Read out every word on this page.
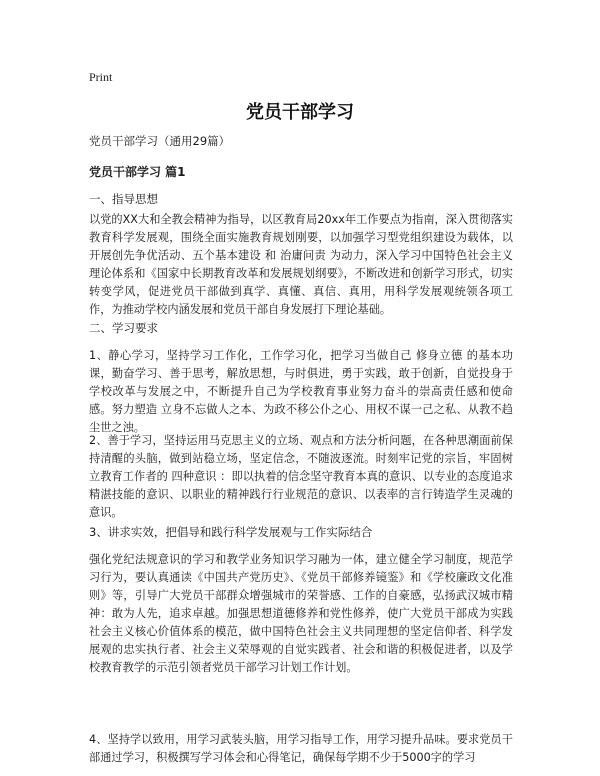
Print
党员干部学习
党员干部学习（通用29篇）
党员干部学习 篇1
一、指导思想
以党的XX大和全教会精神为指导，以区教育局20xx年工作要点为指南，深入贯彻落实教育科学发展观，围绕全面实施教育规划刚要，以加强学习型党组织建设为载体，以开展创先争优活动、五个基本建设 和 治庸问责 为动力，深入学习中国特色社会主义理论体系和《国家中长期教育改革和发展规划纲要》，不断改进和创新学习形式，切实转变学风，促进党员干部做到真学、真懂、真信、真用，用科学发展观统领各项工作，为推动学校内涵发展和党员干部自身发展打下理论基础。
二、学习要求
1、静心学习，坚持学习工作化，工作学习化，把学习当做自己 修身立德 的基本功课，勤奋学习、善于思考，解放思想，与时俱进，勇于实践，敢于创新，自觉投身于学校改革与发展之中，不断提升自己为学校教育事业努力奋斗的崇高责任感和使命感。努力塑造 立身不忘做人之本、为政不移公仆之心、用权不谋一己之私、从教不趋尘世之浊。
2、善于学习，坚持运用马克思主义的立场、观点和方法分析问题，在各种思潮面前保持清醒的头脑，做到站稳立场，坚定信念，不随波逐流。时刻牢记党的宗旨，牢固树立教育工作者的 四种意识 ：即以执着的信念坚守教育本真的意识、以专业的态度追求精湛技能的意识、以职业的精神践行行业规范的意识、以表率的言行铸造学生灵魂的意识。
3、讲求实效，把倡导和践行科学发展观与工作实际结合
强化党纪法规意识的学习和教学业务知识学习融为一体，建立健全学习制度，规范学习行为，要认真通读《中国共产党历史》、《党员干部修养镜鉴》和《学校廉政文化准则》等，引导广大党员干部群众增强城市的荣誉感、工作的自豪感，弘扬武汉城市精神：敢为人先，追求卓越。加强思想道德修养和党性修养，使广大党员干部成为实践社会主义核心价值体系的模范，做中国特色社会主义共同理想的坚定信仰者、科学发展观的忠实执行者、社会主义荣辱观的自觉实践者、社会和谐的积极促进者，以及学校教育教学的示范引领者党员干部学习计划工作计划。
4、坚持学以致用，用学习武装头脑，用学习指导工作，用学习提升品味。要求党员干部通过学习，积极撰写学习体会和心得笔记，确保每学期不少于5000字的学习
